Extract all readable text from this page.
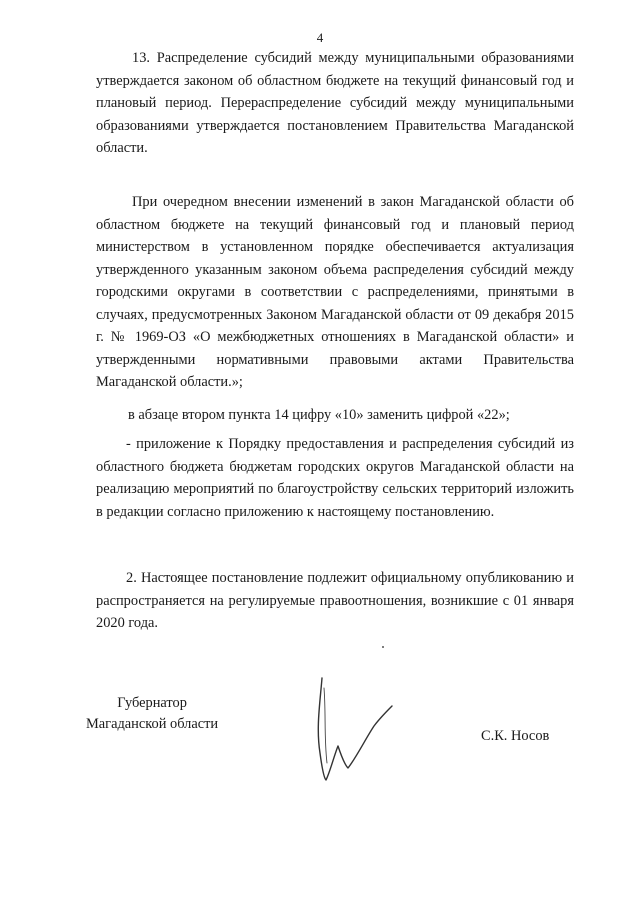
4

13. Распределение субсидий между муниципальными образованиями утверждается законом об областном бюджете на текущий финансовый год и плановый период. Перераспределение субсидий между муниципальными образованиями утверждается постановлением Правительства Магаданской области.

При очередном внесении изменений в закон Магаданской области об областном бюджете на текущий финансовый год и плановый период министерством в установленном порядке обеспечивается актуализация утвержденного указанным законом объема распределения субсидий между городскими округами в соответствии с распределениями, принятыми в случаях, предусмотренных Законом Магаданской области от 09 декабря 2015 г. № 1969-ОЗ «О межбюджетных отношениях в Магаданской области» и утвержденными нормативными правовыми актами Правительства Магаданской области.»;

в абзаце втором пункта 14 цифру «10» заменить цифрой «22»;

- приложение к Порядку предоставления и распределения субсидий из областного бюджета бюджетам городских округов Магаданской области на реализацию мероприятий по благоустройству сельских территорий изложить в редакции согласно приложению к настоящему постановлению.

2. Настоящее постановление подлежит официальному опубликованию и распространяется на регулируемые правоотношения, возникшие с 01 января 2020 года.

Губернатор
Магаданской области
С.К. Носов
